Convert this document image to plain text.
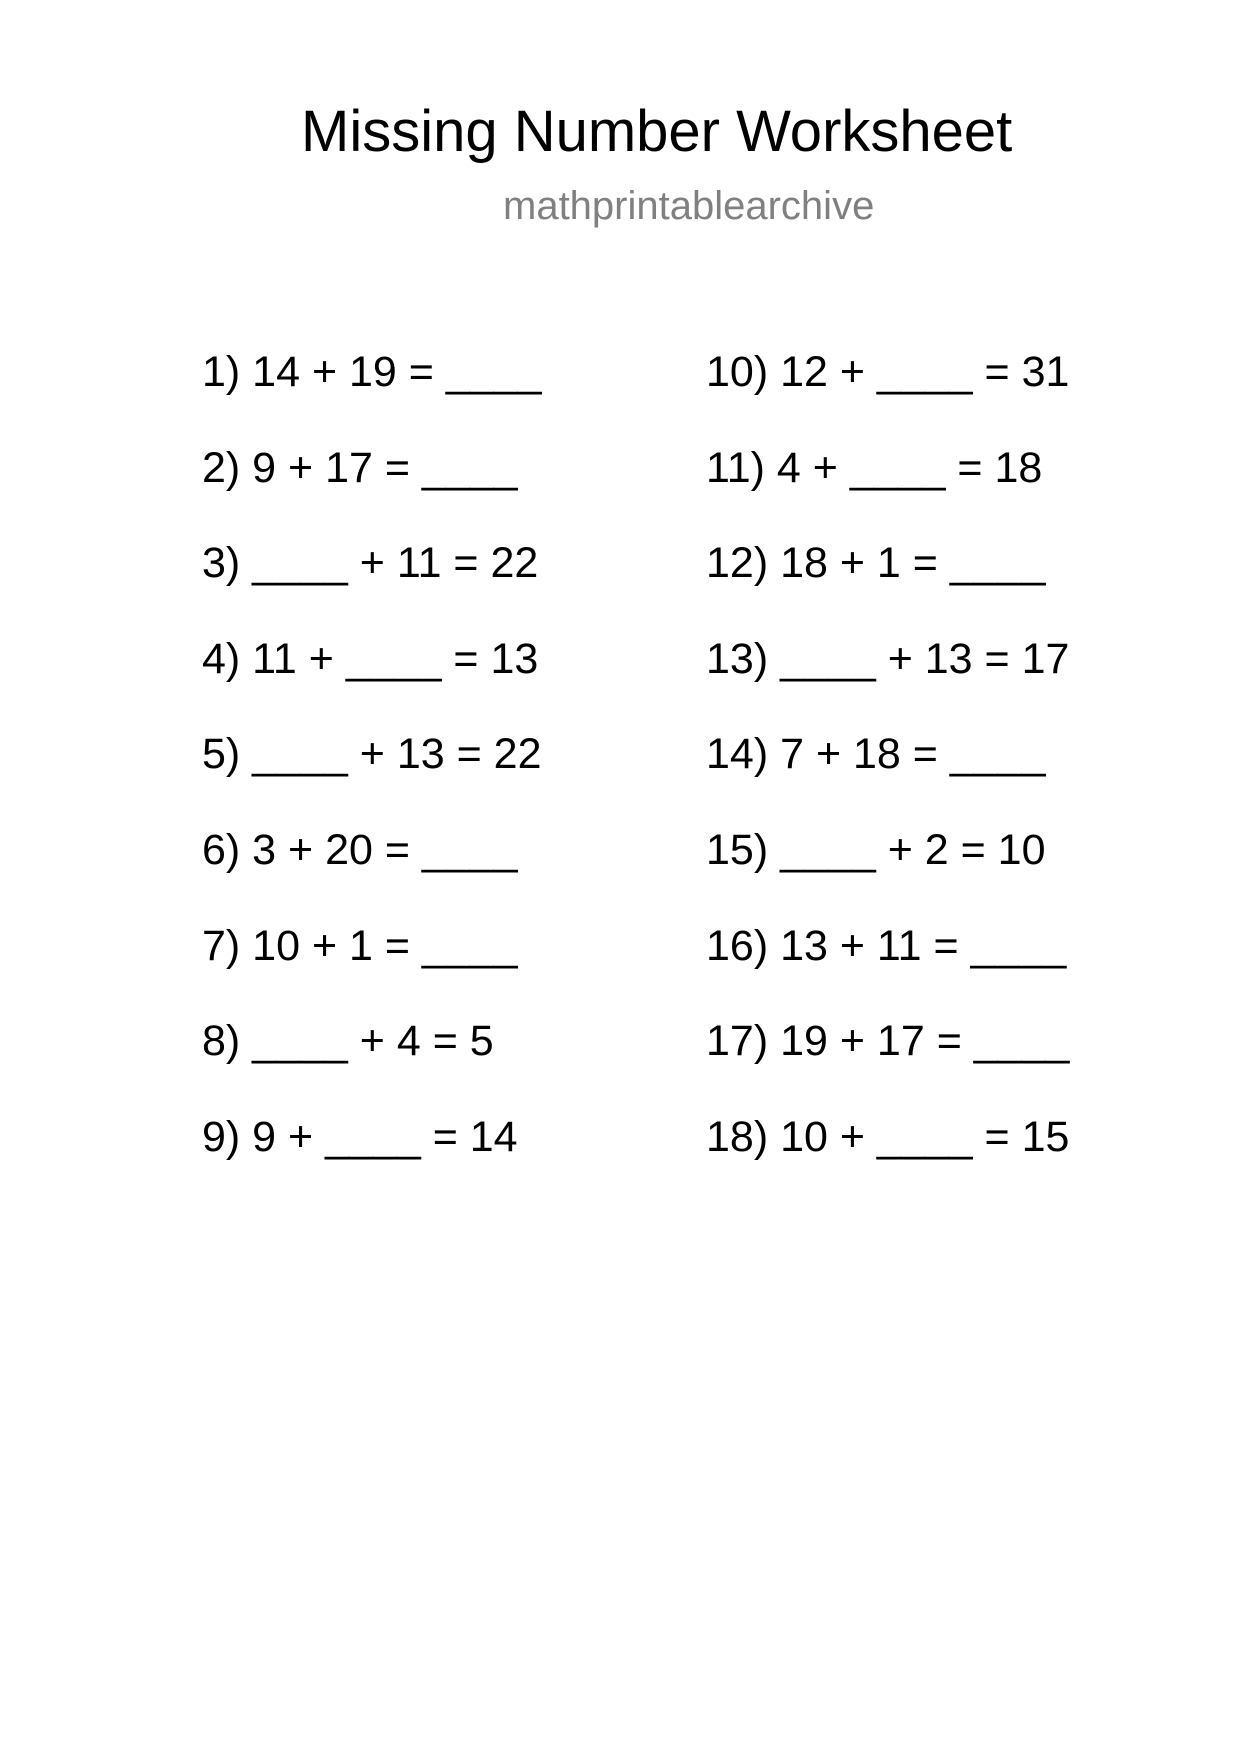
Missing Number Worksheet
mathprintablearchive
1) 14 + 19 = ____
2) 9 + 17 = ____
3) ____ + 11 = 22
4) 11 + ____ = 13
5) ____ + 13 = 22
6) 3 + 20 = ____
7) 10 + 1 = ____
8) ____ + 4 = 5
9) 9 + ____ = 14
10) 12 + ____ = 31
11) 4 + ____ = 18
12) 18 + 1 = ____
13) ____ + 13 = 17
14) 7 + 18 = ____
15) ____ + 2 = 10
16) 13 + 11 = ____
17) 19 + 17 = ____
18) 10 + ____ = 15
